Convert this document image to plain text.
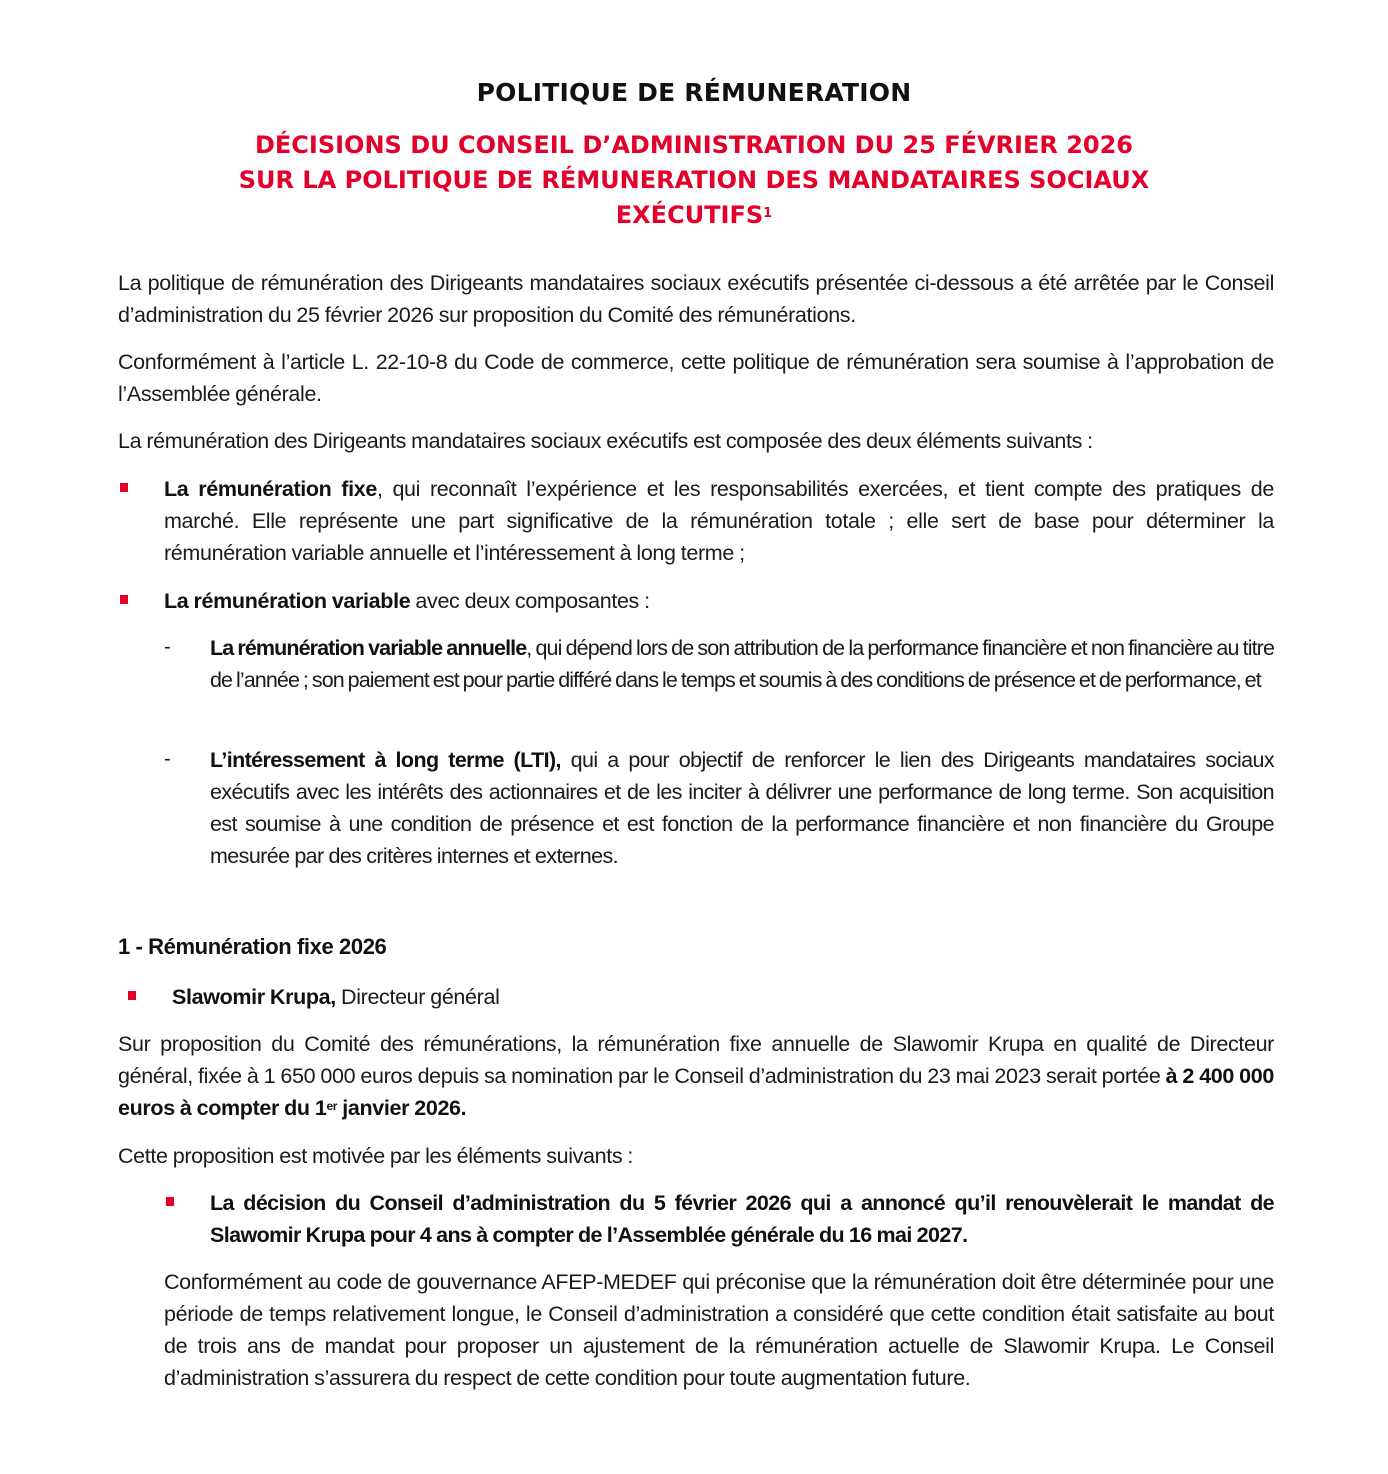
POLITIQUE DE RÉMUNERATION
DÉCISIONS DU CONSEIL D’ADMINISTRATION DU 25 FÉVRIER 2026
SUR LA POLITIQUE DE RÉMUNERATION DES MANDATAIRES SOCIAUX
EXÉCUTIFS$^1$

La politique de rémunération des Dirigeants mandataires sociaux exécutifs présentée ci-dessous a été arrêtée par le Conseil d’administration du 25 février 2026 sur proposition du Comité des rémunérations.

Conformément à l’article L. 22-10-8 du Code de commerce, cette politique de rémunération sera soumise à l’approbation de l’Assemblée générale.

La rémunération des Dirigeants mandataires sociaux exécutifs est composée des deux éléments suivants :

La rémunération fixe, qui reconnaît l’expérience et les responsabilités exercées, et tient compte des pratiques de marché. Elle représente une part significative de la rémunération totale ; elle sert de base pour déterminer la rémunération variable annuelle et l’intéressement à long terme ;

La rémunération variable avec deux composantes :

- La rémunération variable annuelle, qui dépend lors de son attribution de la performance financière et non financière au titre de l’année ; son paiement est pour partie différé dans le temps et soumis à des conditions de présence et de performance, et

- L’intéressement à long terme (LTI), qui a pour objectif de renforcer le lien des Dirigeants mandataires sociaux exécutifs avec les intérêts des actionnaires et de les inciter à délivrer une performance de long terme. Son acquisition est soumise à une condition de présence et est fonction de la performance financière et non financière du Groupe mesurée par des critères internes et externes.

1 - Rémunération fixe 2026

Slawomir Krupa, Directeur général

Sur proposition du Comité des rémunérations, la rémunération fixe annuelle de Slawomir Krupa en qualité de Directeur général, fixée à 1 650 000 euros depuis sa nomination par le Conseil d’administration du 23 mai 2023 serait portée à 2 400 000 euros à compter du 1er janvier 2026.

Cette proposition est motivée par les éléments suivants :

La décision du Conseil d’administration du 5 février 2026 qui a annoncé qu’il renouvèlerait le mandat de Slawomir Krupa pour 4 ans à compter de l’Assemblée générale du 16 mai 2027.

Conformément au code de gouvernance AFEP-MEDEF qui préconise que la rémunération doit être déterminée pour une période de temps relativement longue, le Conseil d’administration a considéré que cette condition était satisfaite au bout de trois ans de mandat pour proposer un ajustement de la rémunération actuelle de Slawomir Krupa. Le Conseil d’administration s’assurera du respect de cette condition pour toute augmentation future.
